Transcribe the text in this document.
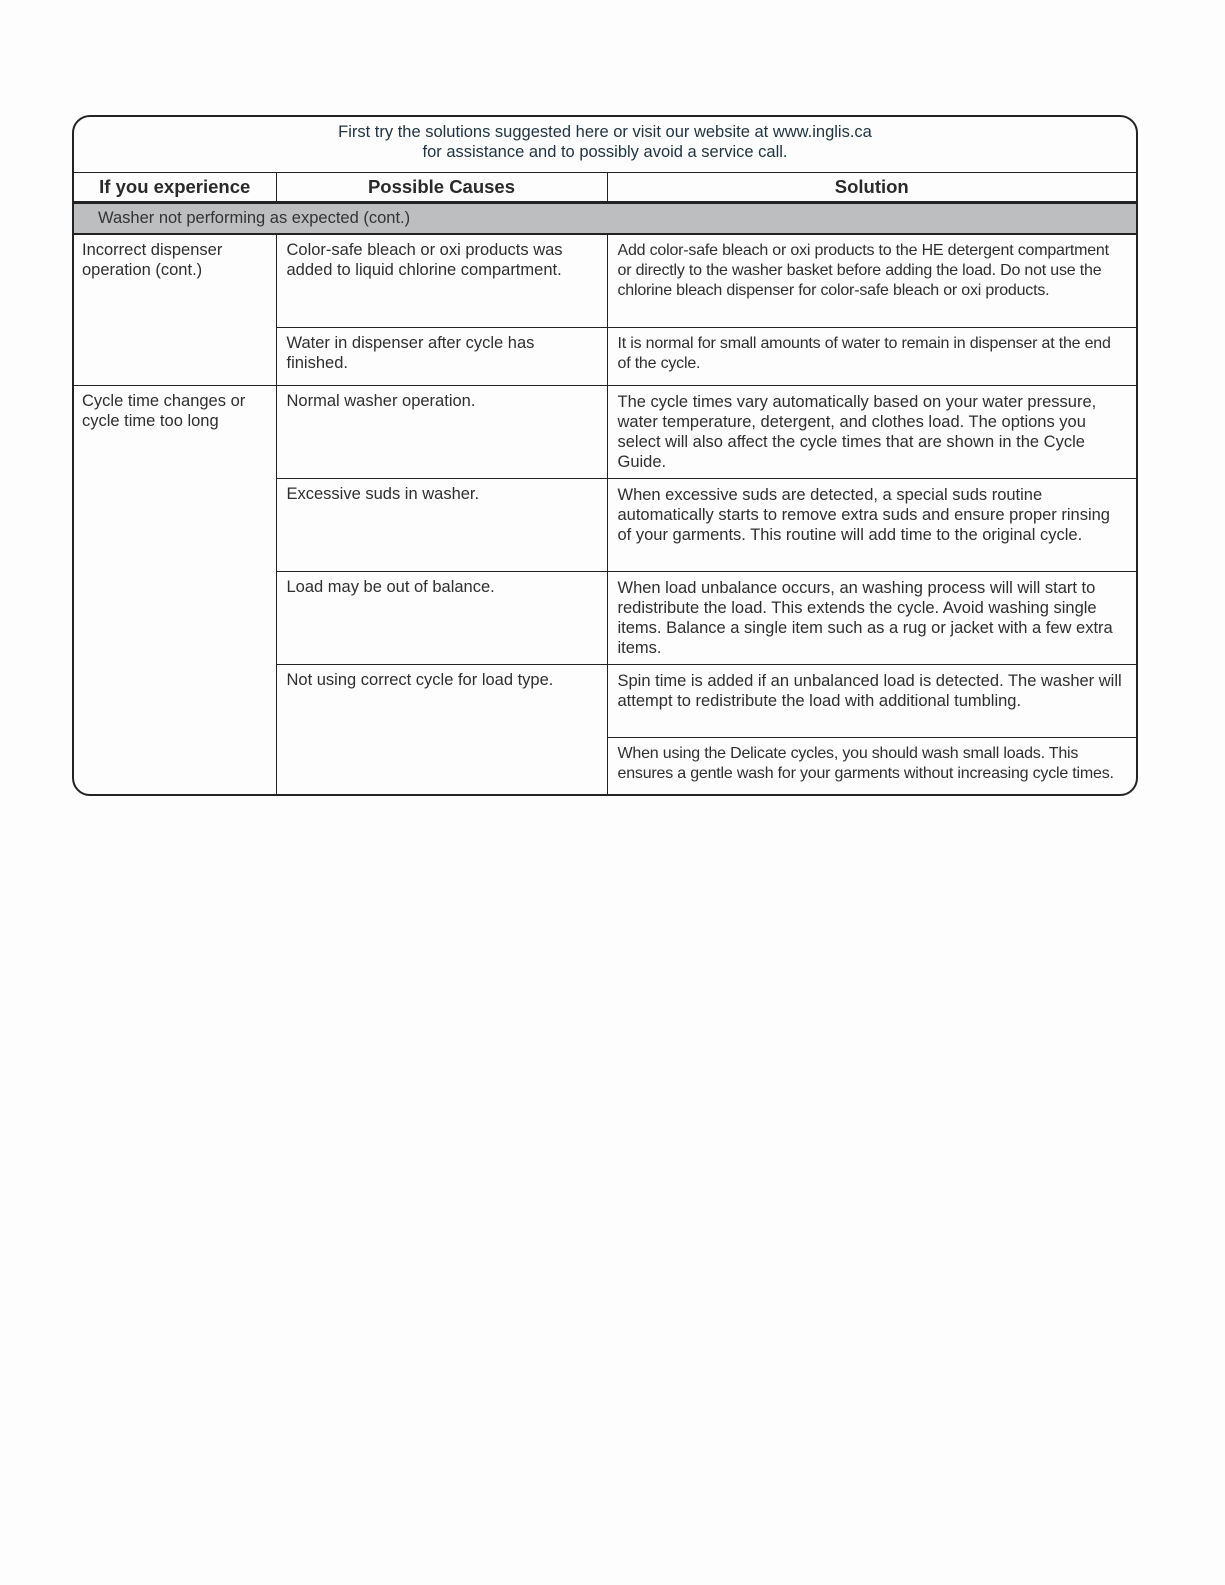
First try the solutions suggested here or visit our website at www.inglis.ca
for assistance and to possibly avoid a service call.		

If you experience	Possible Causes	Solution
Washer not performing as expected (cont.)		
Incorrect dispenser operation (cont.)	Color-safe bleach or oxi products was added to liquid chlorine compartment.	Add color-safe bleach or oxi products to the HE detergent compartment or directly to the washer basket before adding the load. Do not use the chlorine bleach dispenser for color-safe bleach or oxi products.
	Water in dispenser after cycle has finished.	It is normal for small amounts of water to remain in dispenser at the end of the cycle.
Cycle time changes or cycle time too long	Normal washer operation.	The cycle times vary automatically based on your water pressure, water temperature, detergent, and clothes load. The options you select will also affect the cycle times that are shown in the Cycle Guide.
	Excessive suds in washer.	When excessive suds are detected, a special suds routine automatically starts to remove extra suds and ensure proper rinsing of your garments. This routine will add time to the original cycle.
	Load may be out of balance.	When load unbalance occurs, an washing process will will start to redistribute the load. This extends the cycle. Avoid washing single items. Balance a single item such as a rug or jacket with a few extra items.
	Not using correct cycle for load type.	Spin time is added if an unbalanced load is detected. The washer will attempt to redistribute the load with additional tumbling.
		When using the Delicate cycles, you should wash small loads. This ensures a gentle wash for your garments without increasing cycle times.
